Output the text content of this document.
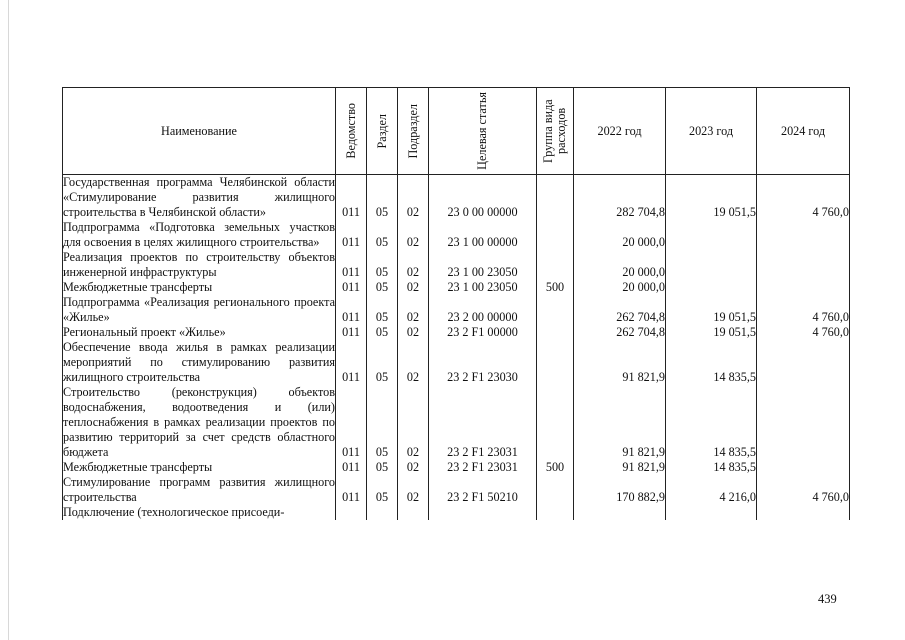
Наименование	Ведомство	Раздел	Подраздел	Целевая статья	Группа вида расходов	2022 год	2023 год	2024 год
Государственная программа Челябинской области «Стимулирование развития жилищного строительства в Челябинской области»	011	05	02	23 0 00 00000		282 704,8	19 051,5	4 760,0
Подпрограмма «Подготовка земельных участков для освоения в целях жилищного строительства»	011	05	02	23 1 00 00000		20 000,0		
Реализация проектов по строительству объектов инженерной инфраструктуры	011	05	02	23 1 00 23050		20 000,0		
Межбюджетные трансферты	011	05	02	23 1 00 23050	500	20 000,0		
Подпрограмма «Реализация регионального проекта «Жилье»	011	05	02	23 2 00 00000		262 704,8	19 051,5	4 760,0
Региональный проект «Жилье»	011	05	02	23 2 F1 00000		262 704,8	19 051,5	4 760,0
Обеспечение ввода жилья в рамках реализации мероприятий по стимулированию развития жилищного строительства	011	05	02	23 2 F1 23030		91 821,9	14 835,5	
Строительство (реконструкция) объектов водоснабжения, водоотведения и (или) теплоснабжения в рамках реализации проектов по развитию территорий за счет средств областного бюджета	011	05	02	23 2 F1 23031		91 821,9	14 835,5	
Межбюджетные трансферты	011	05	02	23 2 F1 23031	500	91 821,9	14 835,5	
Стимулирование программ развития жилищного строительства	011	05	02	23 2 F1 50210		170 882,9	4 216,0	4 760,0
Подключение (технологическое присоеди-								
439
